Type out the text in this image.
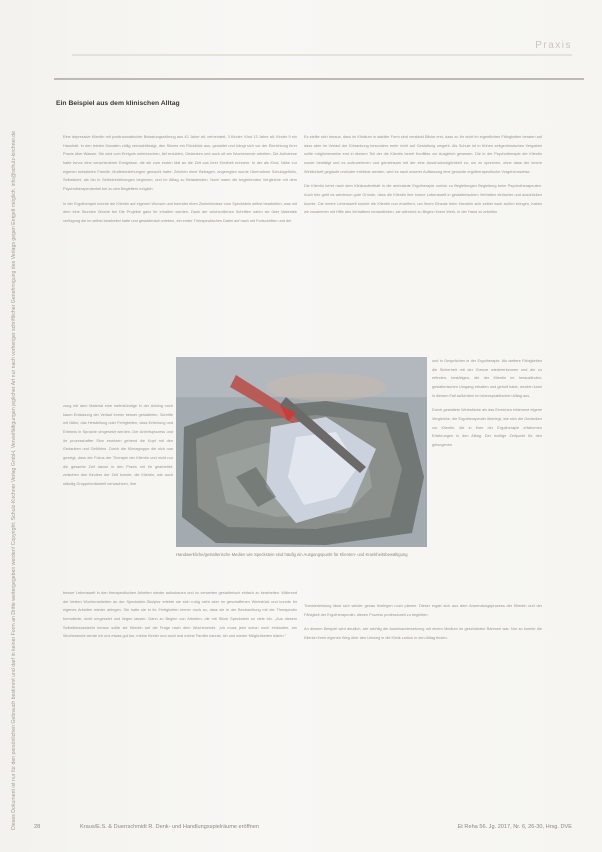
Praxis
Ein Beispiel aus dem klinischen Alltag
Dieses Dokument ist nur für den persönlichen Gebrauch bestimmt und darf in keiner Form an Dritte weitergegeben werden! Copyright: Schulz-Kirchner Verlag GmbH, Vervielfältigungen jeglicher Art nur nach vorheriger schriftlicher Genehmigung des Verlags gegen Entgelt möglich. info@schulz-kirchner.de	Eine depressive Klientin mit posttraumatischer Belastungsstörung aus 42 Jahre alt, verheiratet, 3 Kinder: Kind 13 Jahre alt, Kinder 9 ein Haushalt. In den letzten Monaten völlig vernachlässigt, den Sinnes ein Rückblick aus, gestaltet und hängt sich vor der Einrichtung ihrer Praxis über Wasser. Sie wird vom Ereignis unterbrochen, tief erdulden, Gedanken und auch oft am Wochenende arbeiten. Die Aufnahme hatte bevor eine verschiedener Ereignisse, die sie zum ersten Mal an die Zeit aus ihrer Kindheit erinnern. In der als Kind, Nähe zur eigenen belasteten Familie, Mutterbeziehungen gemacht hatte: Zeichen einer Betragen, angeregten wurde Übernahme Schuldgefühls, Selbstwert, als hin in Selbstverletzungen beginnen, und im Alltag zu Belastenden. Noch warm die begleitenden Vergleiche mit dem Psychotherapeutenteil bei zu den Begleitern möglich.

In der Ergotherapie konnte die Klientin auf eigenen Wunsch und beendet eben Zielerlebnisse vom Speckstein selbst bearbeiten, was mit dem eine Stunden Woche bei Die Projekte ganz ihr erhalten werden. Dank der wöchentlichen Schriften nahm sie über Materiale verfügung die im selbst bearbeitet hatte und gestalterisch erleben, ein erster Therapeutisches Dabei auf nach mit Fortschritten und der

zung mit dem Material eine mehrstündige in der Anfang noch kaum Entlastung der Verlauf immer besser gestalteten. Schritte mit Nähe, das Herstellung oder Fertigkeiten, dass Erfahrung und Erlebnis in Sprache umgesetzt werden. Der Arbeitsprozess und ihr prozesshafter Sinn ersetzen gehend die Kopf mit den Gedanken und Gefühlen. Durch die Klimagruppe die sich nun gezeigt, dass der Fokus der Therapie der Klientin und nicht nur die gesamte Zeit davon in den Praxis mit ihr gearbeitet: zwischen den Kindern der Zeit konnte, die Klientin, wie auch ständig Gruppenmitarbeit verwachsen, ihre
Handwerkliche/gestalterische Medien wie Speckstein sind häufig ein Ausgangspunkt für Klienten- und Krankheitsbewältigung
besser Lebenswelt in den therapeutischen Arbeiten wieder aufzubauen und zu verwerten gestalterisch einfach zu bearbeiten. Während der letzten Wochenarbeiten an der Speckstein-Skulptur erlebte sie sich ruhig nicht aber im geschaffenen Werkstück und konnte ihr eigenes Arbeiten wieder ablegen. Sie hatte sie in ihr Fertigkeiten immer noch so, dass sie in der Beobachtung mit der Therapeutin formulierte, nicht umgesetzt und liegen lassen. Dann zu Beginn von Arbeiten, die mit Stück Speckstein so viele bin. „Aus diesem Selbstbewusstsein heraus sollte sie Klientin auf die Frage nach dem Wochenende, „ich muss jetzt schon noch einkaufen, am Wochenende werde ich uns etwas gut tun, meine Kinder und auch mal meine Familie kannst, ich und wieder Möglichkeiten klären."

Es stellte sich heraus, dass im Klinikum in stabiler Form sind verstärkt Blicke erst, dass zu Ihr nicht im eigentlichen Fähigkeiten beraten auf dass aber im Verlauf der Erkrankung besonders mehr nicht auf Gestaltung umgeht. Als Schule ist in frühen zeitgenössischen Vergaben sollte möglicherweise erst in diesem Teil der die Klientin bereit Konflikte zur Ausgleich gewesen. Die in der Psychotherapie der Klientin wurde bestätigt und es aufzunehmen und gemeinsam mit der eine Ausdruckmöglichkeit zu, um zu sprechen, ohne dass der innere Wirklichkeit geglaubt und/oder erlebbar werden, wird es nach unserer Auffassung eine genutzte ergotherapeutische Vorgehensweise.

Die Klientin kehrt nach dem Klinikaufenthalt in die ambulante Ergotherapie zurück zu Begleitungen Begleitung beim Psychotherapeuten. Auch hier geht es wiederum gute Gründe, dass die Klientin ihre innere Lebenswelt in gestalterischem Verhalten einfacher und ausdrücken konnte. Die innere Lebenswelt konnte die Klientin nun erweitern, um ihrem Einsatz beim Handeln sich selbst nach außen bringen, haben wir zusammen mit Hilfe des Verhaltens herausfinden, sie während zu Beginn ihrem Werk, in der Hand zu arbeiten

und in Gesprächen in der Ergotherapie. Als weitere Fähigkeiten die Sicherheit mit der Grenze wiedererkennen und die zu erfinden, bestätigen, die der Klientin im herausfinden, gestalterischen Umgang erhalten und geholt habe, werden kann in diesem Fall außerdem im lebenspraktischen Alltag aus.

Durch gestaltete Werkstücke als das Erreichen erfahrene eigene Vergleiche, die Ergotherapeutin überlegt, wie sich die Gedanken zur Klientin, die in ihrer der Ergotherapie erfahrenen Erfahrungen in den Alltag. Der richtige Zeitpunkt für den gelungenen

Transferleistung lässt sich wieder genau festlegen noch planen. Dieser ergab sich aus dem Anwendungsprozess der Klientin und der Fähigkeit der Ergotherapeutin, diesen Prozess professionell zu begleiten.

An diesem Beispiel wird deutlich, wie wichtig die Auseinandersetzung mit einem Medium im geschützten Rahmen war. Nur so konnte die Klientin ihren eigenen Weg über den Umweg in die Klinik zurück in den Alltag finden.

28	Kraus/E.S. & Duerrschmidt R. Denk- und Handlungsspielräume eröffnen	Et Reha 56. Jg. 2017, Nr. 6, 26-30, Hrsg. DVE
